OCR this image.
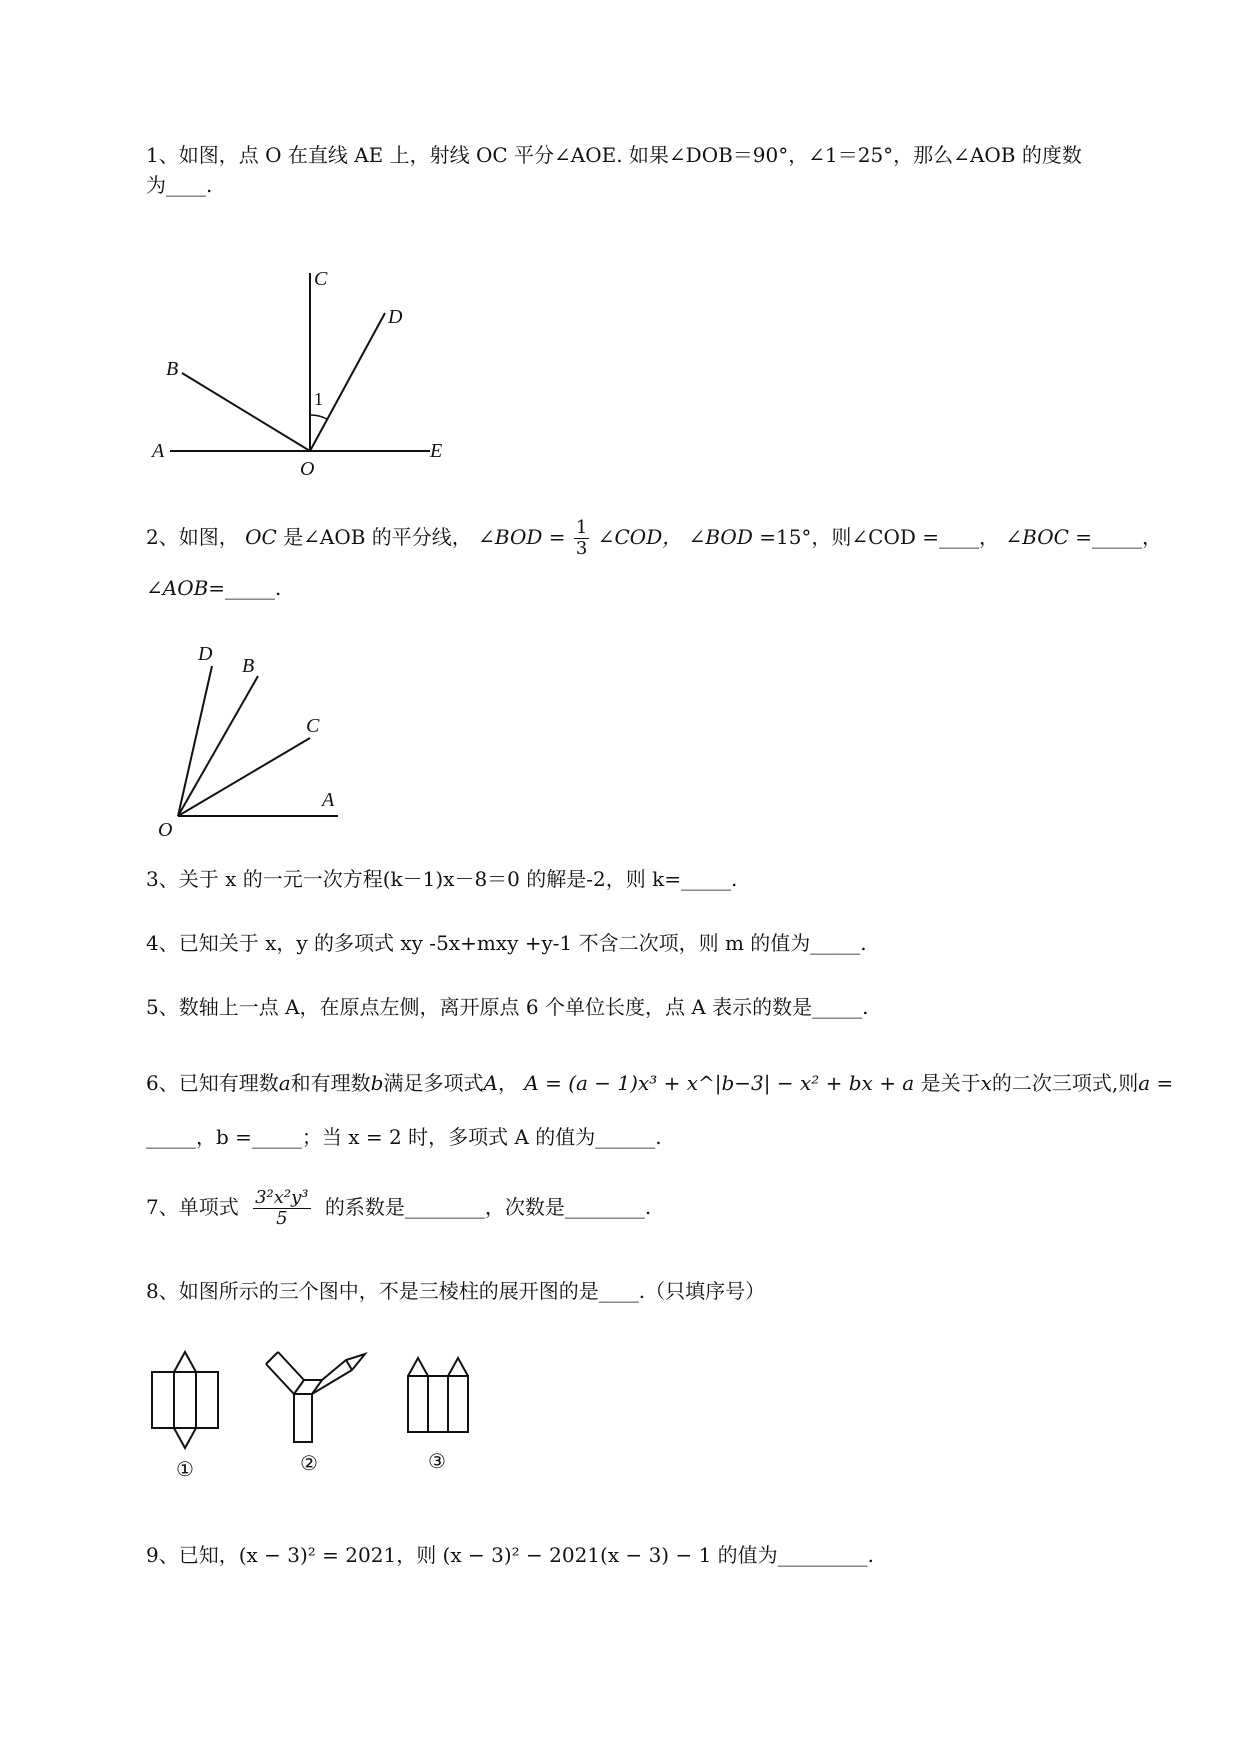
1、如图，点 O 在直线 AE 上，射线 OC 平分∠AOE. 如果∠DOB＝90°，∠1＝25°，那么∠AOB 的度数
为____.
C
D
B
1
A
O
E
2、如图， OC 是∠AOB 的平分线， ∠BOD = $\frac{1}{3}$ ∠COD， ∠BOD =15°，则∠COD =____， ∠BOC =_____，
∠AOB=_____.
D
B
C
A
O
3、关于 x 的一元一次方程(k－1)x－8＝0 的解是-2，则 k=_____.
4、已知关于 x，y 的多项式 xy -5x+mxy +y-1 不含二次项，则 m 的值为_____.
5、数轴上一点 A，在原点左侧，离开原点 6 个单位长度，点 A 表示的数是_____.
6、已知有理数a和有理数b满足多项式A， A = (a − 1)x³ + x^|b−3| − x² + bx + a 是关于x的二次三项式,则a =
_____，b =_____；当 x = 2 时，多项式 A 的值为______.
7、单项式 $\frac{\text{3²x²y³}}{5}$ 的系数是________，次数是________.
8、如图所示的三个图中，不是三棱柱的展开图的是____.（只填序号）
①	②	③
9、已知，(x − 3)² = 2021，则 (x − 3)² − 2021(x − 3) − 1 的值为_________.
